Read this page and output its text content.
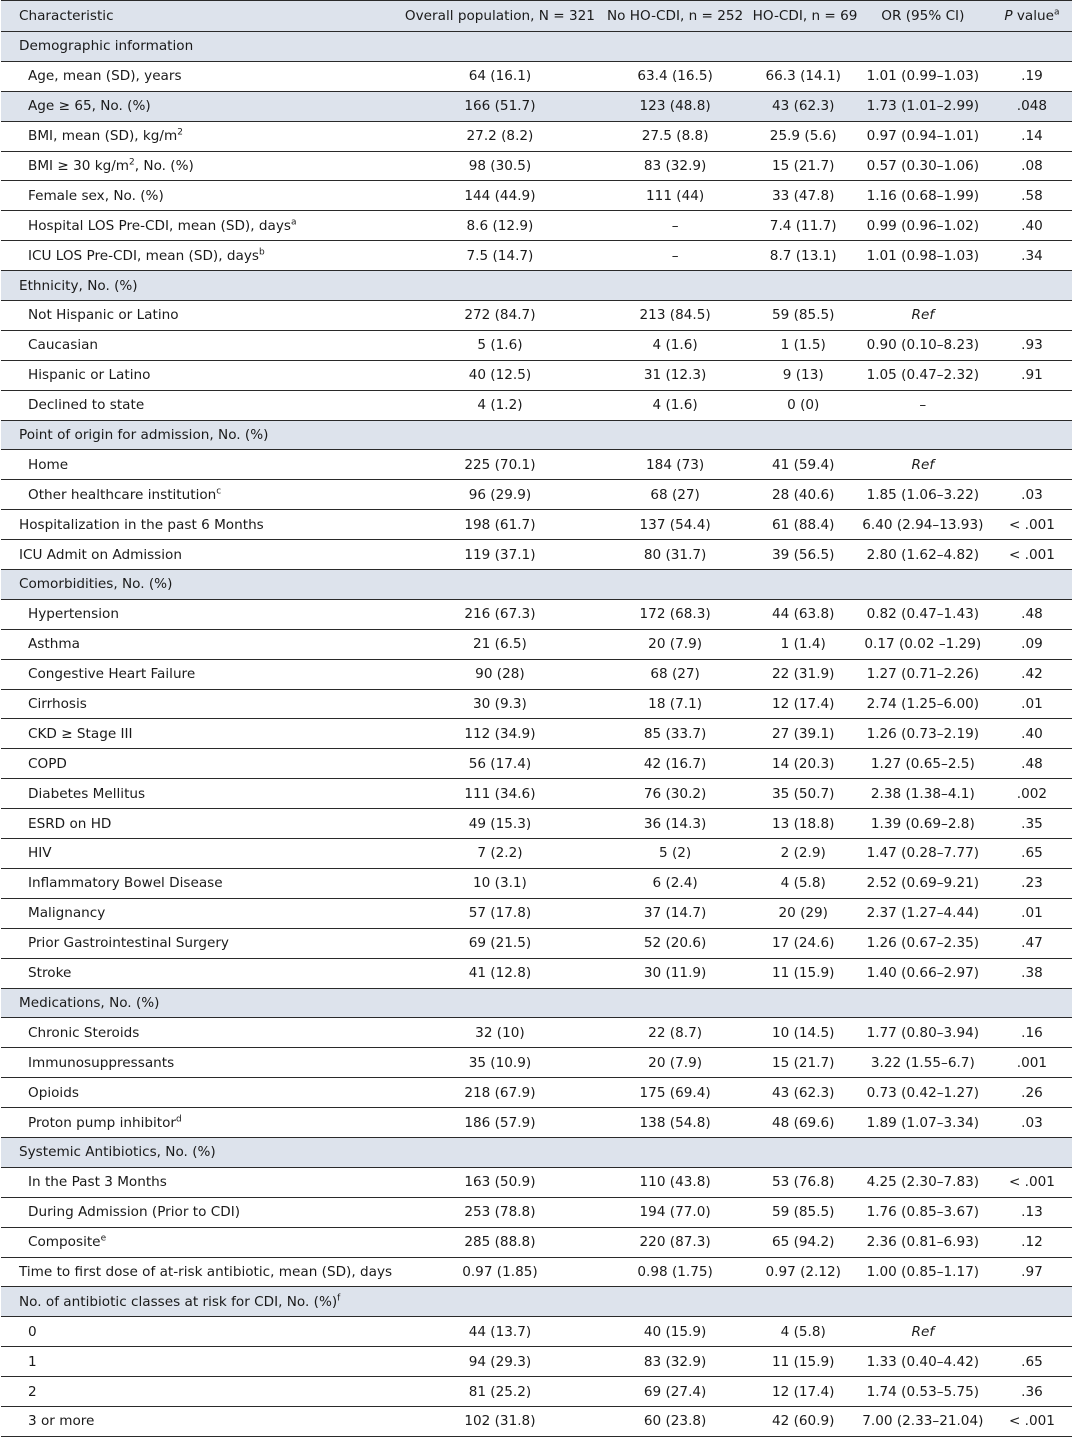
Characteristic	Overall population, N = 321	No HO-CDI, n = 252	HO-CDI, n = 69	OR (95% CI)	P value$^a$
Demographic information					
Age, mean (SD), years	64 (16.1)	63.4 (16.5)	66.3 (14.1)	1.01 (0.99–1.03)	.19
Age ≥ 65, No. (%)	166 (51.7)	123 (48.8)	43 (62.3)	1.73 (1.01–2.99)	.048
BMI, mean (SD), $kg/m^2$	27.2 (8.2)	27.5 (8.8)	25.9 (5.6)	0.97 (0.94–1.01)	.14
BMI ≥ 30 $kg/m^2$, No. (%)	98 (30.5)	83 (32.9)	15 (21.7)	0.57 (0.30–1.06)	.08
Female sex, No. (%)	144 (44.9)	111 (44)	33 (47.8)	1.16 (0.68–1.99)	.58
Hospital LOS Pre-CDI, mean (SD), days$^a$	8.6 (12.9)	–	7.4 (11.7)	0.99 (0.96–1.02)	.40
ICU LOS Pre-CDI, mean (SD), days$^b$	7.5 (14.7)	–	8.7 (13.1)	1.01 (0.98–1.03)	.34
Ethnicity, No. (%)					
Not Hispanic or Latino	272 (84.7)	213 (84.5)	59 (85.5)	Ref	
Caucasian	5 (1.6)	4 (1.6)	1 (1.5)	0.90 (0.10–8.23)	.93
Hispanic or Latino	40 (12.5)	31 (12.3)	9 (13)	1.05 (0.47–2.32)	.91
Declined to state	4 (1.2)	4 (1.6)	0 (0)	–	
Point of origin for admission, No. (%)					
Home	225 (70.1)	184 (73)	41 (59.4)	Ref	
Other healthcare institution$^c$	96 (29.9)	68 (27)	28 (40.6)	1.85 (1.06–3.22)	.03
Hospitalization in the past 6 Months	198 (61.7)	137 (54.4)	61 (88.4)	6.40 (2.94–13.93)	< .001
ICU Admit on Admission	119 (37.1)	80 (31.7)	39 (56.5)	2.80 (1.62–4.82)	< .001
Comorbidities, No. (%)					
Hypertension	216 (67.3)	172 (68.3)	44 (63.8)	0.82 (0.47–1.43)	.48
Asthma	21 (6.5)	20 (7.9)	1 (1.4)	0.17 (0.02 –1.29)	.09
Congestive Heart Failure	90 (28)	68 (27)	22 (31.9)	1.27 (0.71–2.26)	.42
Cirrhosis	30 (9.3)	18 (7.1)	12 (17.4)	2.74 (1.25–6.00)	.01
CKD ≥ Stage III	112 (34.9)	85 (33.7)	27 (39.1)	1.26 (0.73–2.19)	.40
COPD	56 (17.4)	42 (16.7)	14 (20.3)	1.27 (0.65–2.5)	.48
Diabetes Mellitus	111 (34.6)	76 (30.2)	35 (50.7)	2.38 (1.38–4.1)	.002
ESRD on HD	49 (15.3)	36 (14.3)	13 (18.8)	1.39 (0.69–2.8)	.35
HIV	7 (2.2)	5 (2)	2 (2.9)	1.47 (0.28–7.77)	.65
Inflammatory Bowel Disease	10 (3.1)	6 (2.4)	4 (5.8)	2.52 (0.69–9.21)	.23
Malignancy	57 (17.8)	37 (14.7)	20 (29)	2.37 (1.27–4.44)	.01
Prior Gastrointestinal Surgery	69 (21.5)	52 (20.6)	17 (24.6)	1.26 (0.67–2.35)	.47
Stroke	41 (12.8)	30 (11.9)	11 (15.9)	1.40 (0.66–2.97)	.38
Medications, No. (%)					
Chronic Steroids	32 (10)	22 (8.7)	10 (14.5)	1.77 (0.80–3.94)	.16
Immunosuppressants	35 (10.9)	20 (7.9)	15 (21.7)	3.22 (1.55–6.7)	.001
Opioids	218 (67.9)	175 (69.4)	43 (62.3)	0.73 (0.42–1.27)	.26
Proton pump inhibitor$^d$	186 (57.9)	138 (54.8)	48 (69.6)	1.89 (1.07–3.34)	.03
Systemic Antibiotics, No. (%)					
In the Past 3 Months	163 (50.9)	110 (43.8)	53 (76.8)	4.25 (2.30–7.83)	< .001
During Admission (Prior to CDI)	253 (78.8)	194 (77.0)	59 (85.5)	1.76 (0.85–3.67)	.13
Composite$^e$	285 (88.8)	220 (87.3)	65 (94.2)	2.36 (0.81–6.93)	.12
Time to first dose of at-risk antibiotic, mean (SD), days	0.97 (1.85)	0.98 (1.75)	0.97 (2.12)	1.00 (0.85–1.17)	.97
No. of antibiotic classes at risk for CDI, No. (%)$^f$
0	44 (13.7)	40 (15.9)	4 (5.8)	Ref	
1	94 (29.3)	83 (32.9)	11 (15.9)	1.33 (0.40–4.42)	.65
2	81 (25.2)	69 (27.4)	12 (17.4)	1.74 (0.53–5.75)	.36
3 or more	102 (31.8)	60 (23.8)	42 (60.9)	7.00 (2.33–21.04)	< .001
